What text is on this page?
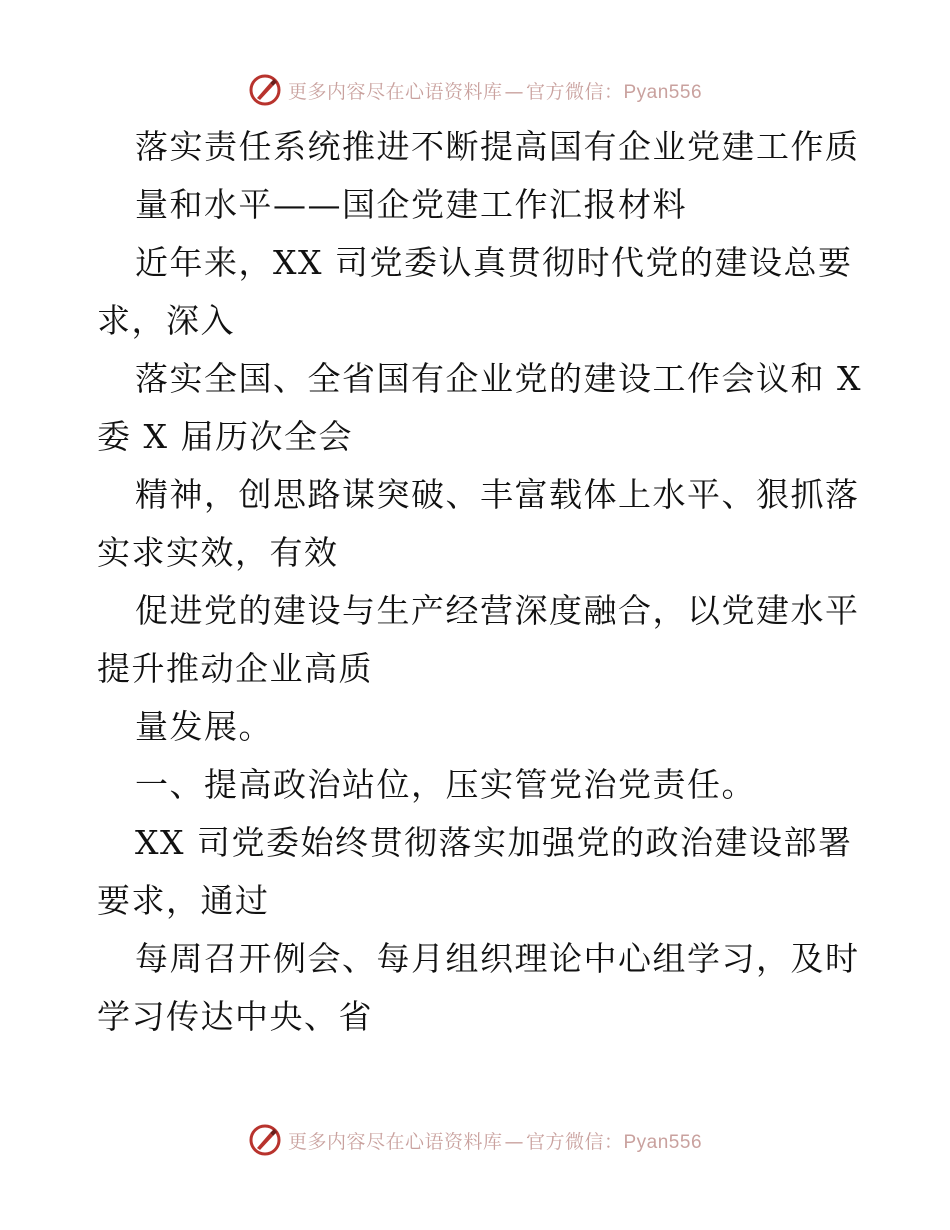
更多内容尽在心语资料库 — 官方微信：Pyan556
落实责任系统推进不断提高国有企业党建工作质
量和水平——国企党建工作汇报材料
近年来，XX 司党委认真贯彻时代党的建设总要
求，深入
落实全国、全省国有企业党的建设工作会议和 X
委 X 届历次全会
精神，创思路谋突破、丰富载体上水平、狠抓落
实求实效，有效
促进党的建设与生产经营深度融合，以党建水平
提升推动企业高质
量发展。
一、提高政治站位，压实管党治党责任。
XX 司党委始终贯彻落实加强党的政治建设部署
要求，通过
每周召开例会、每月组织理论中心组学习，及时
学习传达中央、省
更多内容尽在心语资料库 — 官方微信：Pyan556
